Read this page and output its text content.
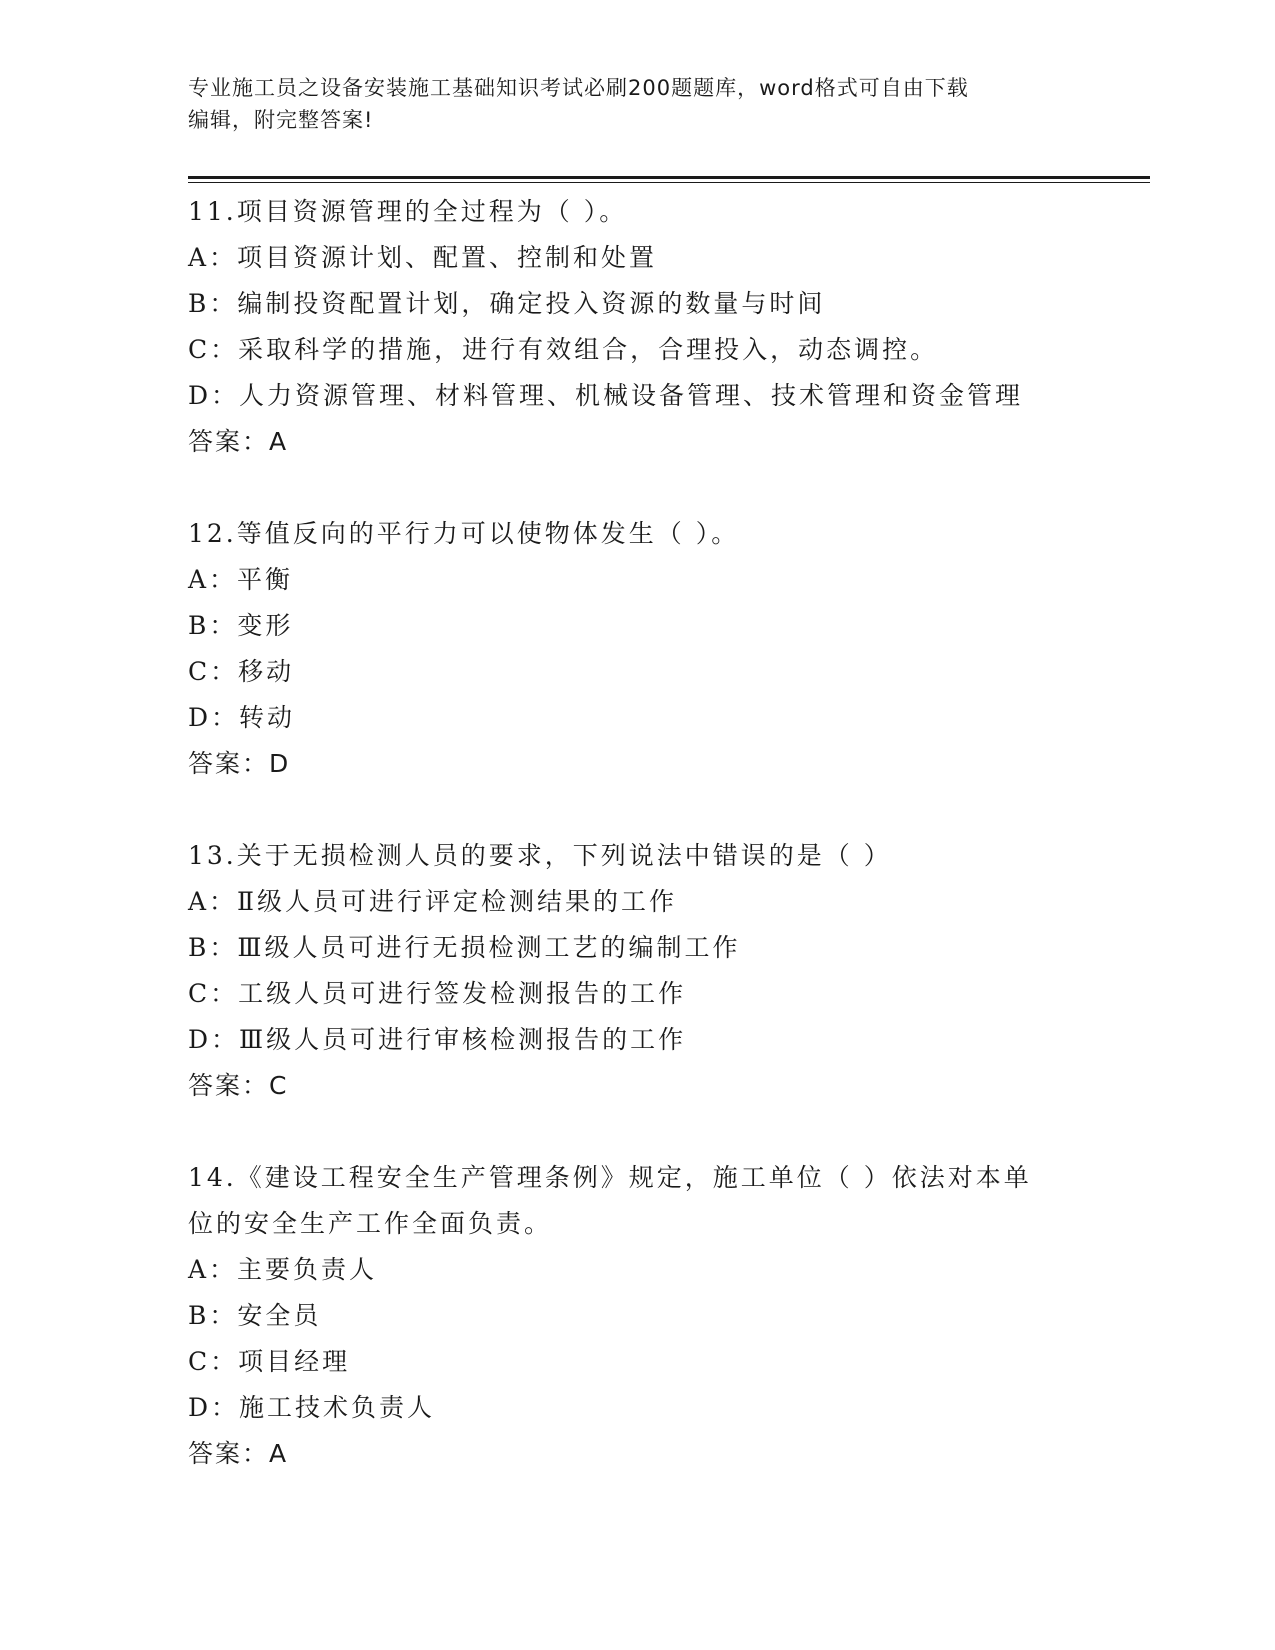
专业施工员之设备安装施工基础知识考试必刷200题题库，word格式可自由下载
编辑，附完整答案!
11.项目资源管理的全过程为（ ）。
A：项目资源计划、配置、控制和处置
B：编制投资配置计划，确定投入资源的数量与时间
C：采取科学的措施，进行有效组合，合理投入，动态调控。
D：人力资源管理、材料管理、机械设备管理、技术管理和资金管理
答案：A
12.等值反向的平行力可以使物体发生（ ）。
A：平衡
B：变形
C：移动
D：转动
答案：D
13.关于无损检测人员的要求，下列说法中错误的是（ ）
A：Ⅱ级人员可进行评定检测结果的工作
B：Ⅲ级人员可进行无损检测工艺的编制工作
C：工级人员可进行签发检测报告的工作
D：Ⅲ级人员可进行审核检测报告的工作
答案：C
14.《建设工程安全生产管理条例》规定，施工单位（ ）依法对本单
位的安全生产工作全面负责。
A：主要负责人
B：安全员
C：项目经理
D：施工技术负责人
答案：A
